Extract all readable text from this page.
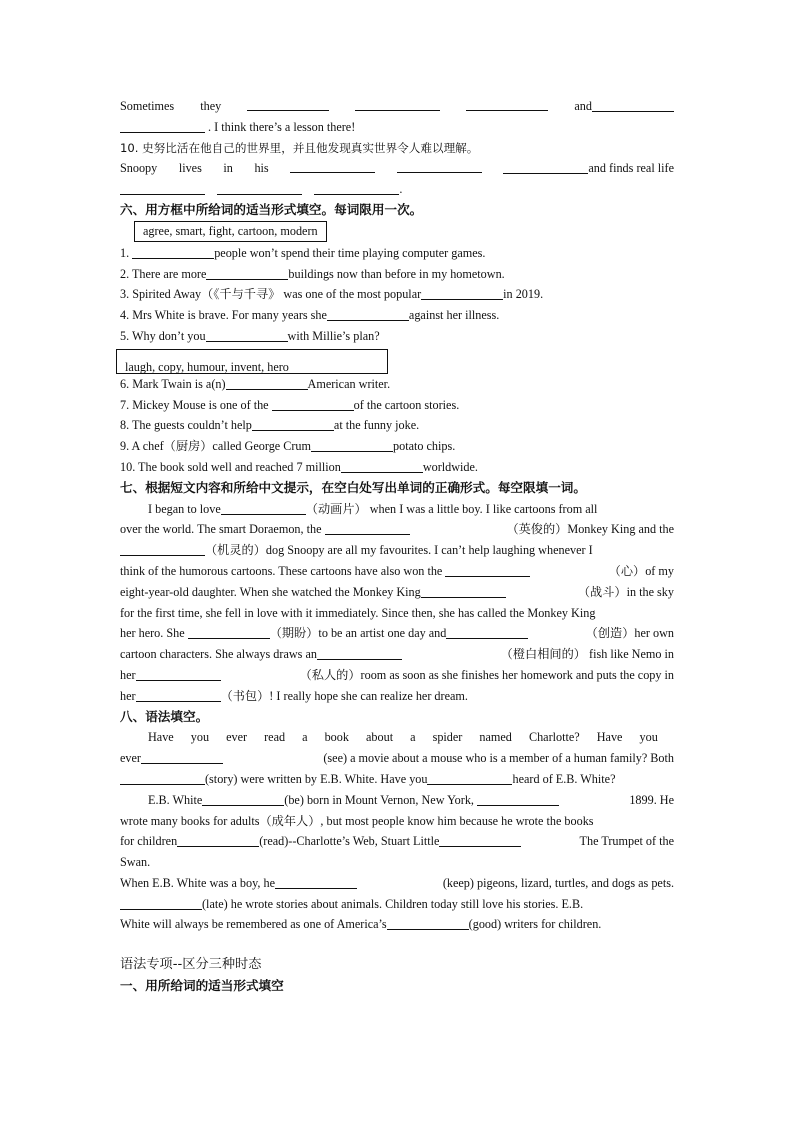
Sometimes they	and
. I think there’s a lesson there!
10. 史努比活在他自己的世界里，并且他发现真实世界令人难以理解。
Snoopy lives in his	and finds real life
.
六、用方框中所给词的适当形式填空。每词限用一次。
agree, smart, fight, cartoon, modern
1.	people won’t spend their time playing computer games.
2. There are more	buildings now than before in my hometown.
3. Spirited Away（《千与千寻》 was one of the most popular	in 2019.
4. Mrs White is brave. For many years she	against her illness.
5. Why don’t you	with Millie’s plan?
laugh, copy, humour, invent, hero
6. Mark Twain is a(n)	American writer.
7. Mickey Mouse is one of the	of the cartoon stories.
8. The guests couldn’t help	at the funny joke.
9. A chef（厨房）called George Crum	potato chips.
10. The book sold well and reached 7 million	worldwide.
七、根据短文内容和所给中文提示，在空白处写出单词的正确形式。每空限填一词。
I began to love	（动画片） when I was a little boy. I like cartoons from all
over the world. The smart Doraemon, the	（英俊的）Monkey King and the
（机灵的）dog Snoopy are all my favourites. I can’t help laughing whenever I
think of the humorous cartoons. These cartoons have also won the	（心）of my
eight-year-old daughter. When she watched the Monkey King	（战斗）in the sky
for the first time, she fell in love with it immediately. Since then, she has called the Monkey King
her hero. She	（期盼）to be an artist one day and	（创造）her own
cartoon characters. She always draws an	（橙白相间的） fish like Nemo in
her	（私人的）room as soon as she finishes her homework and puts the copy in
her	（书包）! I really hope she can realize her dream.
八、语法填空。
Have you ever read a book about a spider named Charlotte? Have you
ever	(see) a movie about a mouse who is a member of a human family? Both
(story) were written by E.B. White. Have you	heard of E.B. White?
E.B. White	(be) born in Mount Vernon, New York,	1899. He
wrote many books for adults（成年人）, but most people know him because he wrote the books
for children	(read)--Charlotte’s Web, Stuart Little	The Trumpet of the
Swan.
When E.B. White was a boy, he	(keep) pigeons, lizard, turtles, and dogs as pets.
(late) he wrote stories about animals. Children today still love his stories. E.B.
White will always be remembered as one of America’s	(good) writers for children.
语法专项--区分三种时态
一、用所给词的适当形式填空
